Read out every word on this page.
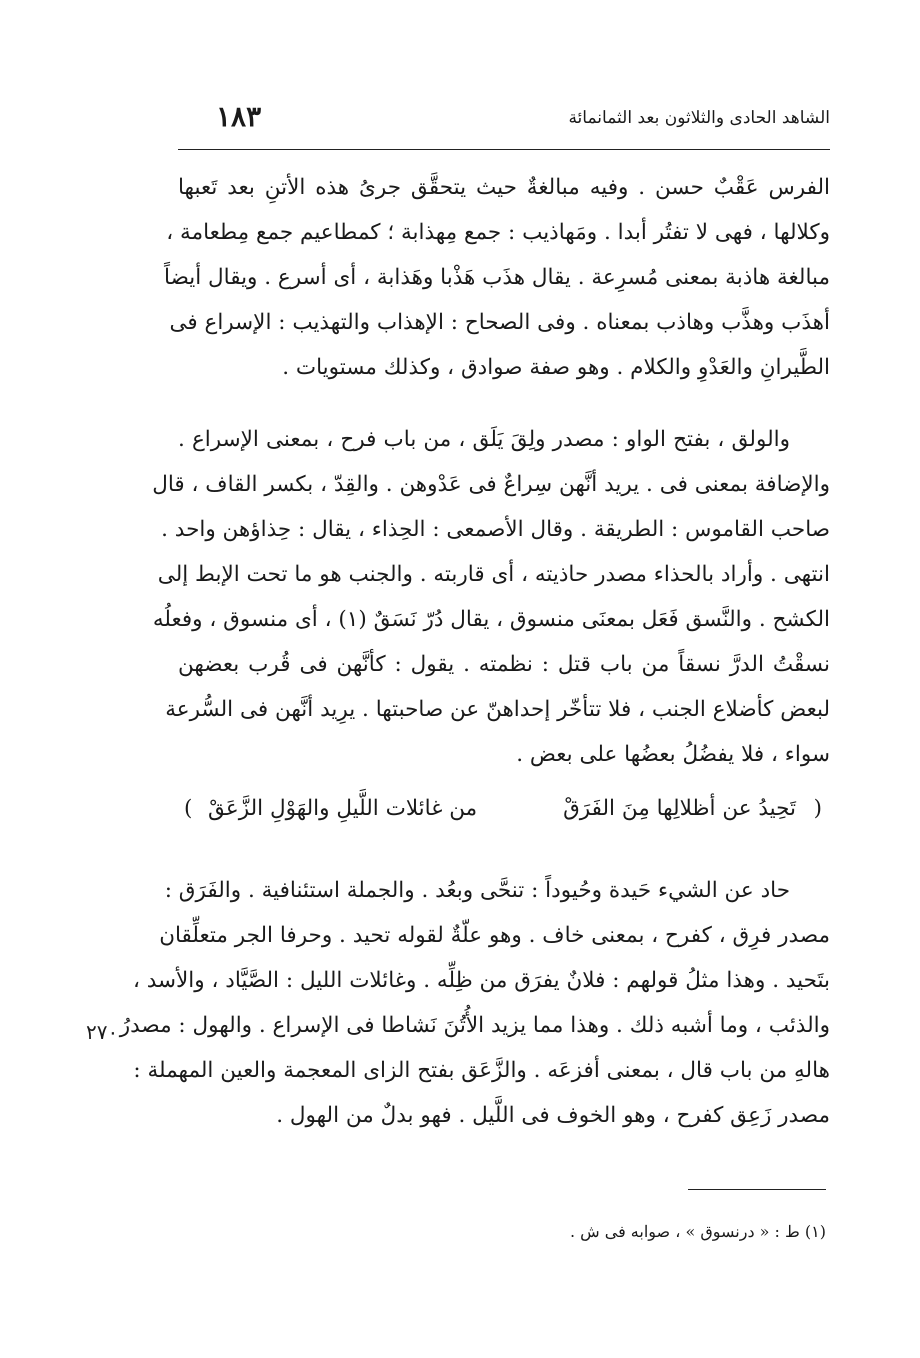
الشاهد الحادى والثلاثون بعد الثمانمائة
١٨٣
الفرس عَقْبٌ حسن . وفيه مبالغةٌ حيث يتحقَّق جرىُ هذه الأتنِ بعد تَعبها
وكلالها ، فهى لا تفتُر أبدا . ومَهاذيب : جمع مِهذابة ؛ كمطاعيم جمع مِطعامة ،
مبالغة هاذبة بمعنى مُسرِعة . يقال هذَب هَذْبا وهَذابة ، أى أسرع . ويقال أيضاً
أهذَب وهذَّب وهاذب بمعناه . وفى الصحاح : الإهذاب والتهذيب : الإسراع فى
الطَّيرانِ والعَدْوِ والكلام . وهو صفة صوادق ، وكذلك مستويات .
والولق ، بفتح الواو : مصدر ولِقَ يَلَق ، من باب فرح ، بمعنى الإسراع .
والإضافة بمعنى فى . يريد أنَّهن سِراعٌ فى عَدْوهن . والقِدّ ، بكسر القاف ، قال
صاحب القاموس : الطريقة . وقال الأصمعى : الحِذاء ، يقال : حِذاؤهن واحد .
انتهى . وأراد بالحذاء مصدر حاذيته ، أى قاربته . والجنب هو ما تحت الإبط إلى
الكشح . والنَّسق فَعَل بمعنَى منسوق ، يقال دُرّ نَسَقٌ (١) ، أى منسوق ، وفعلُه
نسقْتُ الدرَّ نسقاً من باب قتل : نظمته . يقول : كأنَّهن فى قُرب بعضهن
لبعض كأضلاع الجنب ، فلا تتأخّر إحداهنّ عن صاحبتها . يرِيد أنَّهن فى السُّرعة
سواء ، فلا يفضُلُ بعضُها على بعض .
(
تَحِيدُ عن أظلالِها مِنَ الفَرَقْ
من غائلات اللَّيلِ والهَوْلِ الزَّعَقْ
)
حاد عن الشيء حَيدة وحُيوداً : تنحَّى وبعُد . والجملة استئنافية . والفَرَق :
مصدر فرِق ، كفرح ، بمعنى خاف . وهو علّةٌ لقوله تحيد . وحرفا الجر متعلِّقان
بتَحيد . وهذا مثلُ قولهم : فلانٌ يفرَق من ظِلِّه . وغائلات الليل : الصَّيَّاد ، والأسد ،
والذئب ، وما أشبه ذلك . وهذا مما يزيد الأُتُنَ نَشاطا فى الإسراع . والهول : مصدرُ
هالهِ من باب قال ، بمعنى أفزعَه . والزَّعَق بفتح الزاى المعجمة والعين المهملة :
مصدر زَعِق كفرح ، وهو الخوف فى اللَّيل . فهو بدلٌ من الهول .
٢٧٠
(١) ط : « درنسوق » ، صوابه فى ش .
